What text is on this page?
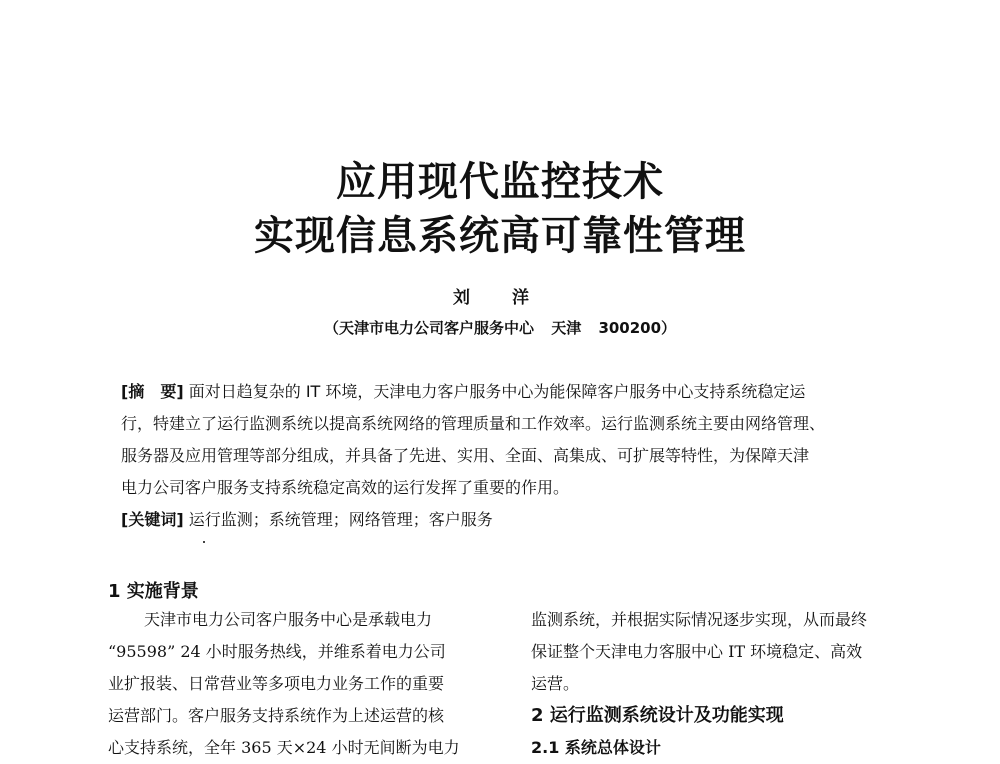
应用现代监控技术
实现信息系统高可靠性管理
刘 洋
（天津市电力公司客户服务中心 天津 300200）
[摘　要] 面对日趋复杂的 IT 环境，天津电力客户服务中心为能保障客户服务中心支持系统稳定运
行，特建立了运行监测系统以提高系统网络的管理质量和工作效率。运行监测系统主要由网络管理、
服务器及应用管理等部分组成，并具备了先进、实用、全面、高集成、可扩展等特性，为保障天津
电力公司客户服务支持系统稳定高效的运行发挥了重要的作用。
[关键词] 运行监测；系统管理；网络管理；客户服务
1 实施背景
天津市电力公司客户服务中心是承载电力
“95598” 24 小时服务热线，并维系着电力公司
业扩报装、日常营业等多项电力业务工作的重要
运营部门。客户服务支持系统作为上述运营的核
心支持系统，全年 365 天×24 小时无间断为电力
监测系统，并根据实际情况逐步实现，从而最终
保证整个天津电力客服中心 IT 环境稳定、高效
运营。
2 运行监测系统设计及功能实现
2.1 系统总体设计
